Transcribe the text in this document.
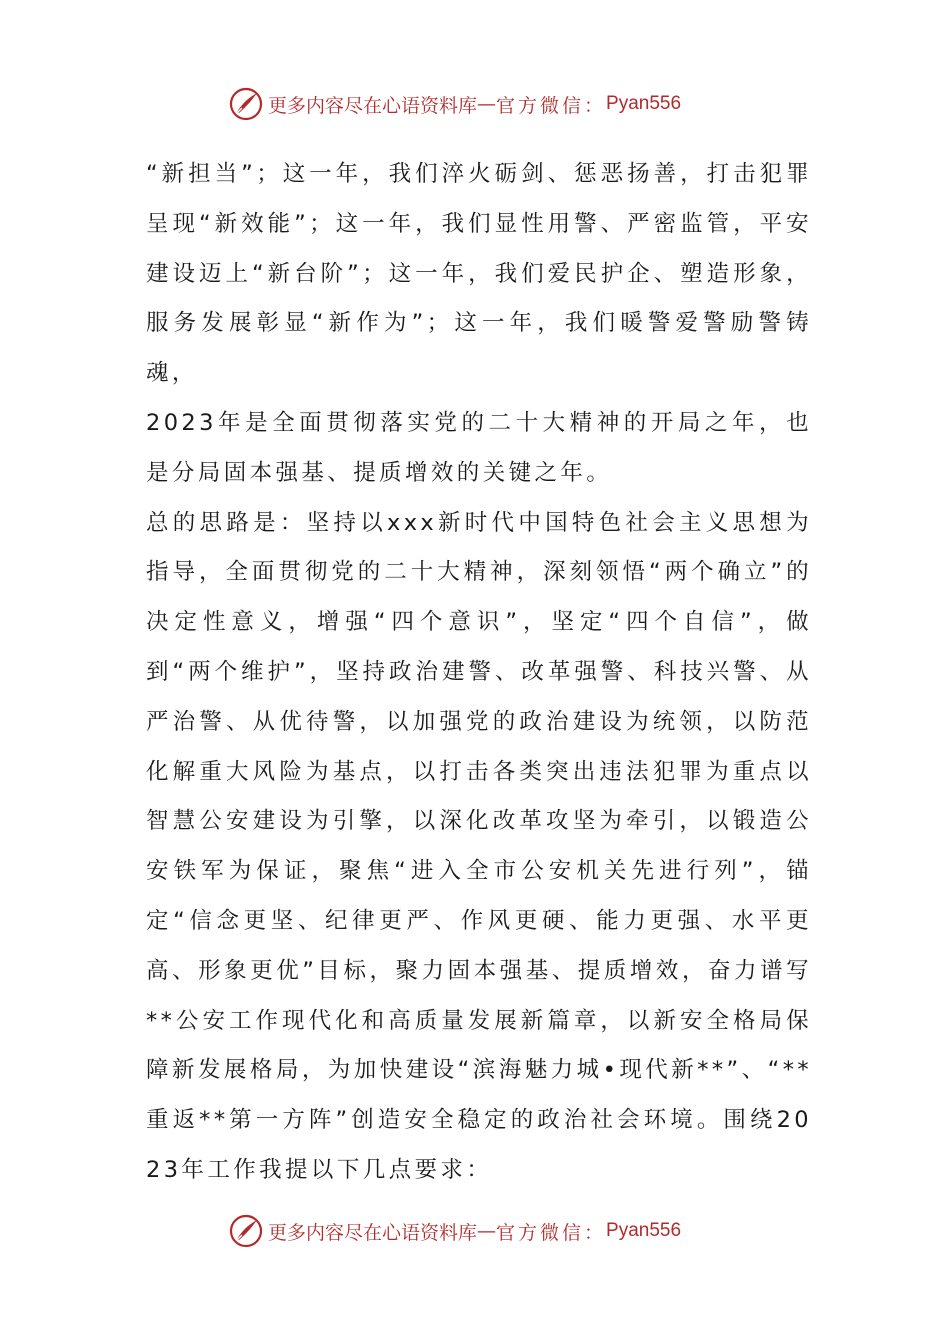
更多内容尽在心语资料库 — 官方微信： Pyan556

“新担当”；这一年，我们淬火砺剑、惩恶扬善，打击犯罪呈现“新效能”；这一年，我们显性用警、严密监管，平安建设迈上“新台阶”；这一年，我们爱民护企、塑造形象，服务发展彰显“新作为”；这一年，我们暖警爱警励警铸魂，

2023年是全面贯彻落实党的二十大精神的开局之年，也是分局固本强基、提质增效的关键之年。

总的思路是：坚持以xxx新时代中国特色社会主义思想为指导，全面贯彻党的二十大精神，深刻领悟“两个确立”的决定性意义，增强“四个意识”，坚定“四个自信”，做到“两个维护”，坚持政治建警、改革强警、科技兴警、从严治警、从优待警，以加强党的政治建设为统领，以防范化解重大风险为基点，以打击各类突出违法犯罪为重点以智慧公安建设为引擎，以深化改革攻坚为牵引，以锻造公安铁军为保证，聚焦“进入全市公安机关先进行列”，锚定“信念更坚、纪律更严、作风更硬、能力更强、水平更高、形象更优”目标，聚力固本强基、提质增效，奋力谱写**公安工作现代化和高质量发展新篇章，以新安全格局保障新发展格局，为加快建设“滨海魅力城•现代新**”、“**重返**第一方阵”创造安全稳定的政治社会环境。围绕2023年工作我提以下几点要求：

更多内容尽在心语资料库 — 官方微信： Pyan556
